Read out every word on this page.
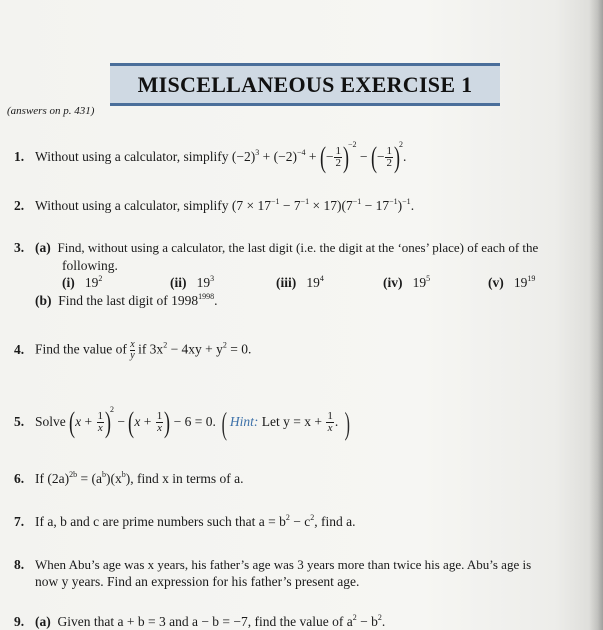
MISCELLANEOUS EXERCISE 1
(answers on p. 431)
1. Without using a calculator, simplify $(-2)^3 + (-2)^{-4}$ + (− $\frac{1}{2} )-2$ − (− $\frac{1}{2} )2$.
2. Without using a calculator, simplify $(7 \times 17^{-1} - 7^{-1} \times 17)(7^{-1} - 17^{-1})^{-1}$.
3. (a) Find, without using a calculator, the last digit (i.e. the digit at the ‘ones’ place) of each of the
following.
(i) $19^2$	(ii) $19^3$	(iii) $19^4$	(iv) $19^5$	(v) $19^{19}$
(b) Find the last digit of $1998^{1998}$.
4. Find the value of $\frac{x}{y}$ if $3x^2 - 4xy + y^2 = 0$.
5. Solve $(x + \frac{1}{x} )2 - (x + \frac{1}{x}$ ) − 6 = 0. ( Hint: Let $y = x + \frac{1}{x}$ . )
6. If $(2a)^{2b} = (a^b)(x^b)$, find x in terms of a.
7. If a, b and c are prime numbers such that $a = b^2 - c^2$, find a.
8. When Abu’s age was x years, his father’s age was 3 years more than twice his age. Abu’s age is
now y years. Find an expression for his father’s present age.
9. (a) Given that a + b = 3 and a − b = −7, find the value of $a^2 - b^2$.
